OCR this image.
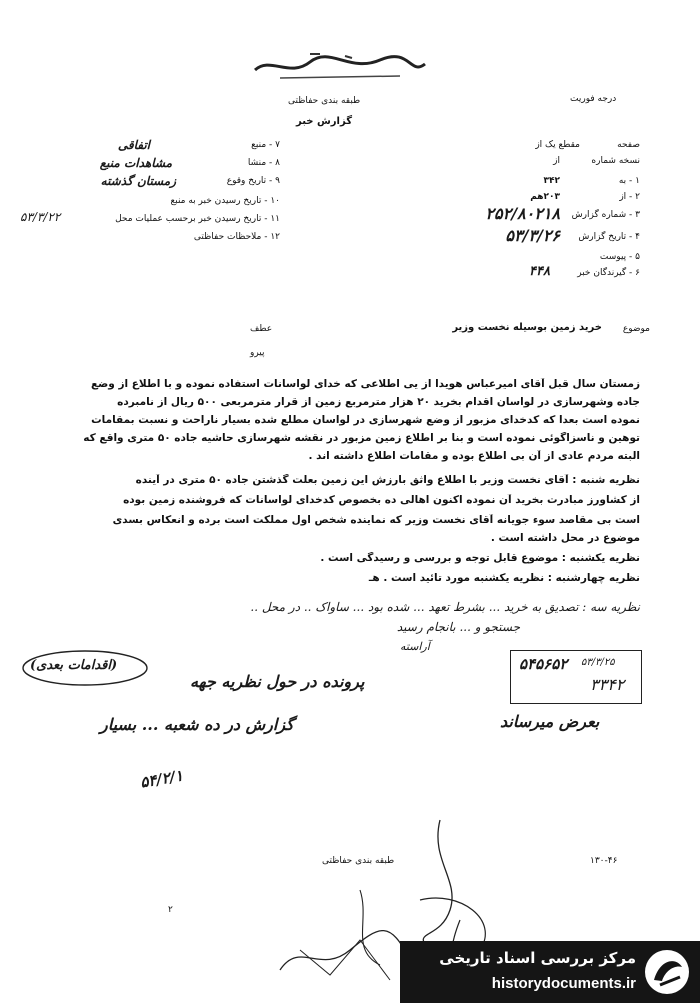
طبقه بندی حفاظتی
گزارش خبر
درجه فوریت
۷ - منبع
اتفاقی
۸ - منشا
مشاهدات منبع
۹ - تاریخ وقوع
زمستان گذشته
۱۰ - تاریخ رسیدن خبر به منبع
۱۱ - تاریخ رسیدن خبر برحسب عملیات محل
۱۲ - ملاحظات حفاظتی
۵۳/۳/۲۲
صفحه
مقطع یک از
نسخه شماره
از
۱ - به
۳۴۲
۲ - از
۲۰۳هم
۳ - شماره گزارش
۲۵۲/۸۰۲۱۸
۴ - تاریخ گزارش
۵۳/۳/۲۶
۵ - پیوست
۶ - گیرندگان خبر
۴۴۸
عطف
پیرو
موضوع
خرید زمین بوسیله نخست وزیر
زمستان سال قبل آقای امیرعباس هویدا از یی اطلاعی که خدای لواسانات استفاده نموده و با اطلاع از وضع
جاده وشهرسازی در لواسان اقدام بخرید ۲۰ هزار مترمربع زمین از قرار مترمربعی ۵۰۰ ریال از نامبرده
نموده است بعدا که کدخدای مزبور از وضع شهرسازی در لواسان مطلع شده بسیار ناراحت و نسبت بمقامات
توهین و ناسزاگوئی نموده است و بنا بر اطلاع زمین مزبور در نقشه شهرسازی حاشیه جاده ۵۰ متری واقع که
البته مردم عادی از آن بی اطلاع بوده و مقامات اطلاع داشته اند .
نظریه شنبه : آقای نخست وزیر با اطلاع واثق بارزش این زمین بعلت گذشتن جاده ۵۰ متری در آینده
از کشاورز مبادرت بخرید آن نموده اکنون اهالی ده بخصوص کدخدای لواسانات که فروشنده زمین بوده
است بی مقاصد سوء جویانه آقای نخست وزیر که نماینده شخص اول مملکت است برده و انعکاس بسدی
موضوع در محل داشته است .
نظریه یکشنبه : موضوع قابل توجه و بررسی و رسیدگی است .
نظریه چهارشنبه : نظریه یکشنبه مورد تائید است . هـ
نظریه سه : تصدیق به خرید ... بشرط تعهد ... شده بود ... ساواک .. در محل ..
جستجو و ... بانجام رسید
آراسته
۵۴۵۶۵۲ ۵۳/۳/۲۵
۳۳۴۲
(اقدامات بعدی)
پرونده در حول نظریه جهه
بعرض میرساند
گزارش در ده شعبه ... بسیار
۵۴/۲/۱
طبقه بندی حفاظتی	۱۳۰-۴۶
۲
مرکز بررسی اسناد تاریخی
historydocuments.ir
